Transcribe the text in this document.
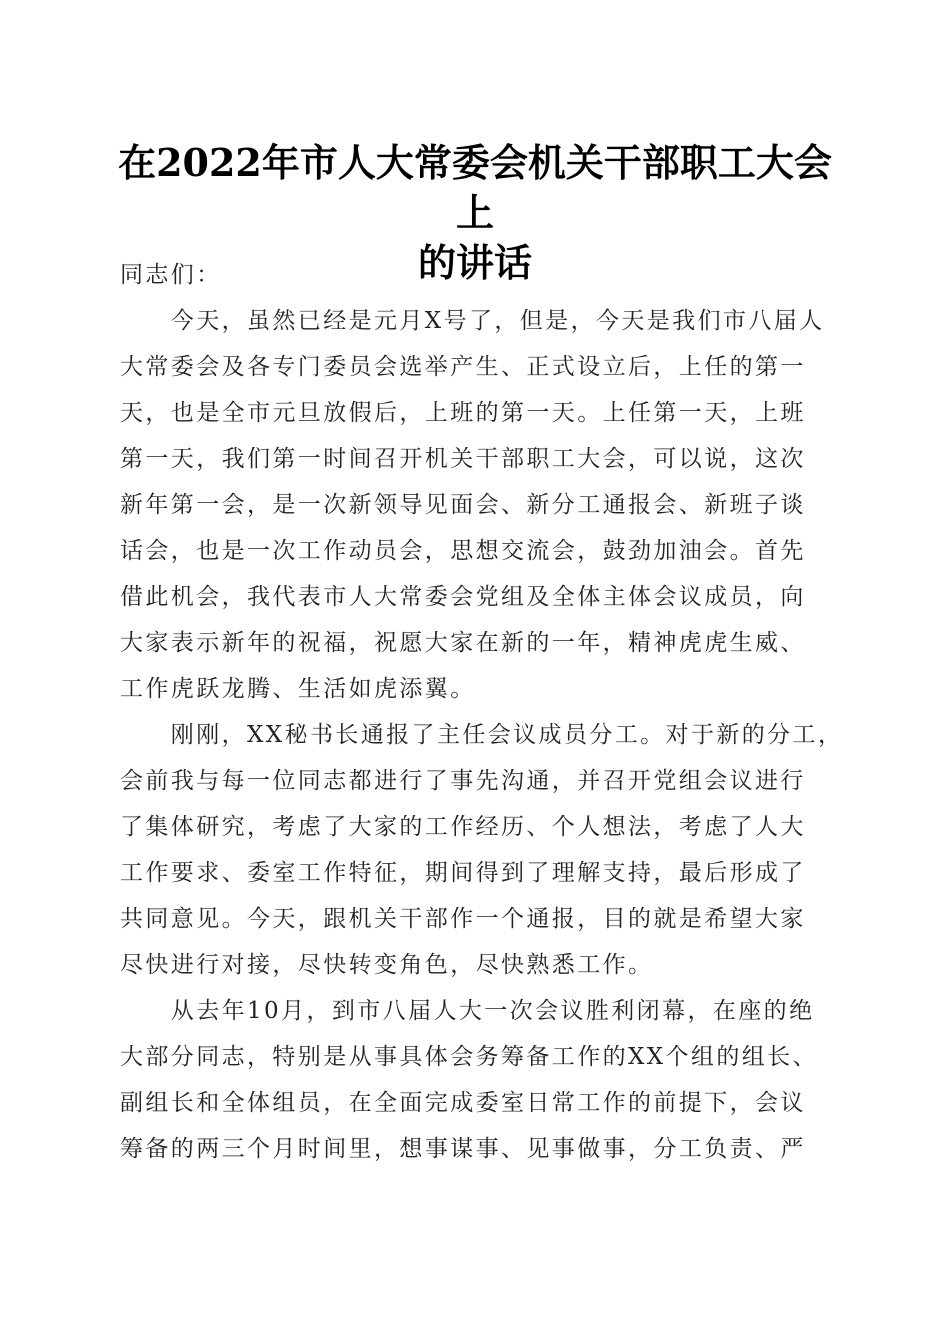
在2022年市人大常委会机关干部职工大会上
的讲话
同志们：
　　今天，虽然已经是元月X号了，但是，今天是我们市八届人
大常委会及各专门委员会选举产生、正式设立后，上任的第一
天，也是全市元旦放假后，上班的第一天。上任第一天，上班
第一天，我们第一时间召开机关干部职工大会，可以说，这次
新年第一会，是一次新领导见面会、新分工通报会、新班子谈
话会，也是一次工作动员会，思想交流会，鼓劲加油会。首先
借此机会，我代表市人大常委会党组及全体主体会议成员，向
大家表示新年的祝福，祝愿大家在新的一年，精神虎虎生威、
工作虎跃龙腾、生活如虎添翼。
　　刚刚，XX秘书长通报了主任会议成员分工。对于新的分工，
会前我与每一位同志都进行了事先沟通，并召开党组会议进行
了集体研究，考虑了大家的工作经历、个人想法，考虑了人大
工作要求、委室工作特征，期间得到了理解支持，最后形成了
共同意见。今天，跟机关干部作一个通报，目的就是希望大家
尽快进行对接，尽快转变角色，尽快熟悉工作。
　　从去年10月，到市八届人大一次会议胜利闭幕，在座的绝
大部分同志，特别是从事具体会务筹备工作的XX个组的组长、
副组长和全体组员，在全面完成委室日常工作的前提下，会议
筹备的两三个月时间里，想事谋事、见事做事，分工负责、严
